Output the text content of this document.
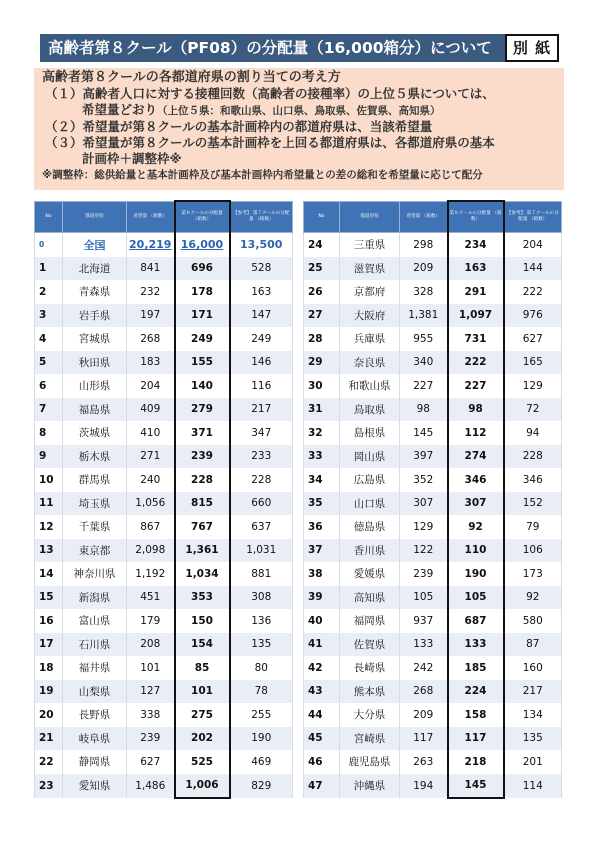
高齢者第８クール（PF08）の分配量（16,000箱分）について	別 紙
高齢者第８クールの各都道府県の割り当ての考え方
（１）高齢者人口に対する接種回数（高齢者の接種率）の上位５県については、
希望量どおり（上位５県：和歌山県、山口県、鳥取県、佐賀県、高知県）
（２）希望量が第８クールの基本計画枠内の都道府県は、当該希望量
（３）希望量が第８クールの基本計画枠を上回る都道府県は、各都道府県の基本
計画枠＋調整枠※
※調整枠：総供給量と基本計画枠及び基本計画枠内希望量との差の総和を希望量に応じて配分
No	都道府県	希望量 （箱数）	第８クールの分配量 （箱数）	【参考】 第７クールの分配量 （箱数）
0	全国	20,219	16,000	13,500
1	北海道	841	696	528
2	青森県	232	178	163
3	岩手県	197	171	147
4	宮城県	268	249	249
5	秋田県	183	155	146
6	山形県	204	140	116
7	福島県	409	279	217
8	茨城県	410	371	347
9	栃木県	271	239	233
10	群馬県	240	228	228
11	埼玉県	1,056	815	660
12	千葉県	867	767	637
13	東京都	2,098	1,361	1,031
14	神奈川県	1,192	1,034	881
15	新潟県	451	353	308
16	富山県	179	150	136
17	石川県	208	154	135
18	福井県	101	85	80
19	山梨県	127	101	78
20	長野県	338	275	255
21	岐阜県	239	202	190
22	静岡県	627	525	469
23	愛知県	1,486	1,006	829
No	都道府県	希望量 （箱数）	第８クールの分配量 （箱数）	【参考】 第７クールの分配量 （箱数）
24	三重県	298	234	204
25	滋賀県	209	163	144
26	京都府	328	291	222
27	大阪府	1,381	1,097	976
28	兵庫県	955	731	627
29	奈良県	340	222	165
30	和歌山県	227	227	129
31	鳥取県	98	98	72
32	島根県	145	112	94
33	岡山県	397	274	228
34	広島県	352	346	346
35	山口県	307	307	152
36	徳島県	129	92	79
37	香川県	122	110	106
38	愛媛県	239	190	173
39	高知県	105	105	92
40	福岡県	937	687	580
41	佐賀県	133	133	87
42	長崎県	242	185	160
43	熊本県	268	224	217
44	大分県	209	158	134
45	宮崎県	117	117	135
46	鹿児島県	263	218	201
47	沖縄県	194	145	114
